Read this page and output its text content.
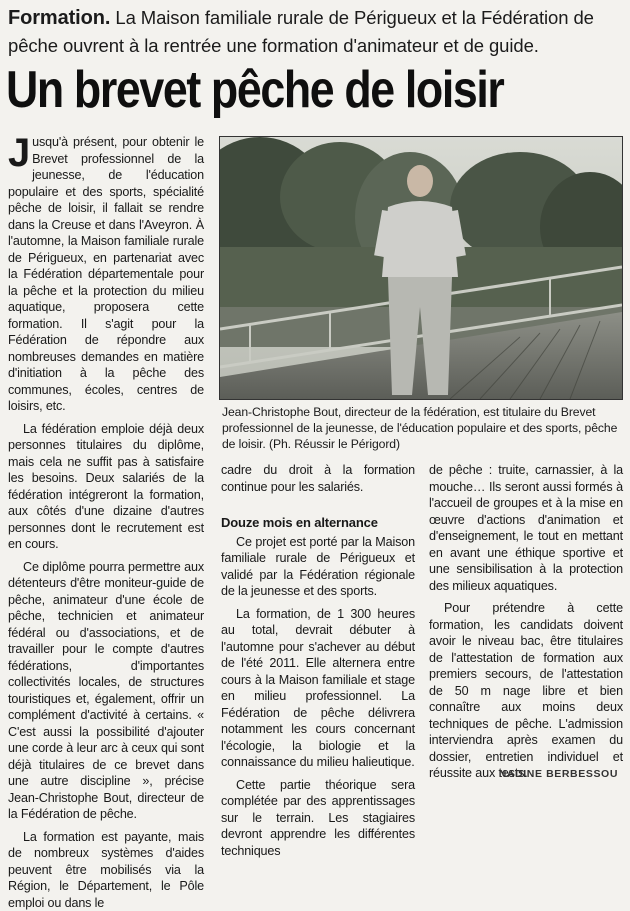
Formation. La Maison familiale rurale de Périgueux et la Fédération de pêche ouvrent à la rentrée une formation d'animateur et de guide.
Un brevet pêche de loisir

Jusqu'à présent, pour obtenir le Brevet professionnel de la jeunesse, de l'éducation populaire et des sports, spécialité pêche de loisir, il fallait se rendre dans la Creuse et dans l'Aveyron. À l'automne, la Maison familiale rurale de Périgueux, en partenariat avec la Fédération départementale pour la pêche et la protection du milieu aquatique, proposera cette formation. Il s'agit pour la Fédération de répondre aux nombreuses demandes en matière d'initiation à la pêche des communes, écoles, centres de loisirs, etc.

La fédération emploie déjà deux personnes titulaires du diplôme, mais cela ne suffit pas à satisfaire les besoins. Deux salariés de la fédération intégreront la formation, aux côtés d'une dizaine d'autres personnes dont le recrutement est en cours.

Ce diplôme pourra permettre aux détenteurs d'être moniteur-guide de pêche, animateur d'une école de pêche, technicien et animateur fédéral ou d'associations, et de travailler pour le compte d'autres fédérations, d'importantes collectivités locales, de structures touristiques et, également, offrir un complément d'activité à certains. « C'est aussi la possibilité d'ajouter une corde à leur arc à ceux qui sont déjà titulaires de ce brevet dans une autre discipline », précise Jean-Christophe Bout, directeur de la Fédération de pêche.

La formation est payante, mais de nombreux systèmes d'aides peuvent être mobilisés via la Région, le Département, le Pôle emploi ou dans le

Jean-Christophe Bout, directeur de la fédération, est titulaire du Brevet professionnel de la jeunesse, de l'éducation populaire et des sports, pêche de loisir. (Ph. Réussir le Périgord)

cadre du droit à la formation continue pour les salariés.

Douze mois en alternance

Ce projet est porté par la Maison familiale rurale de Périgueux et validé par la Fédération régionale de la jeunesse et des sports.

La formation, de 1 300 heures au total, devrait débuter à l'automne pour s'achever au début de l'été 2011. Elle alternera entre cours à la Maison familiale et stage en milieu professionnel. La Fédération de pêche délivrera notamment les cours concernant l'écologie, la biologie et la connaissance du milieu halieutique.

Cette partie théorique sera complétée par des apprentissages sur le terrain. Les stagiaires devront apprendre les différentes techniques

de pêche : truite, carnassier, à la mouche… Ils seront aussi formés à l'accueil de groupes et à la mise en œuvre d'actions d'animation et d'enseignement, le tout en mettant en avant une éthique sportive et une sensibilisation à la protection des milieux aquatiques.

Pour prétendre à cette formation, les candidats doivent avoir le niveau bac, être titulaires de l'attestation de formation aux premiers secours, de l'attestation de 50 m nage libre et bien connaître aux moins deux techniques de pêche. L'admission interviendra après examen du dossier, entretien individuel et réussite aux tests.

NADINE BERBESSOU
